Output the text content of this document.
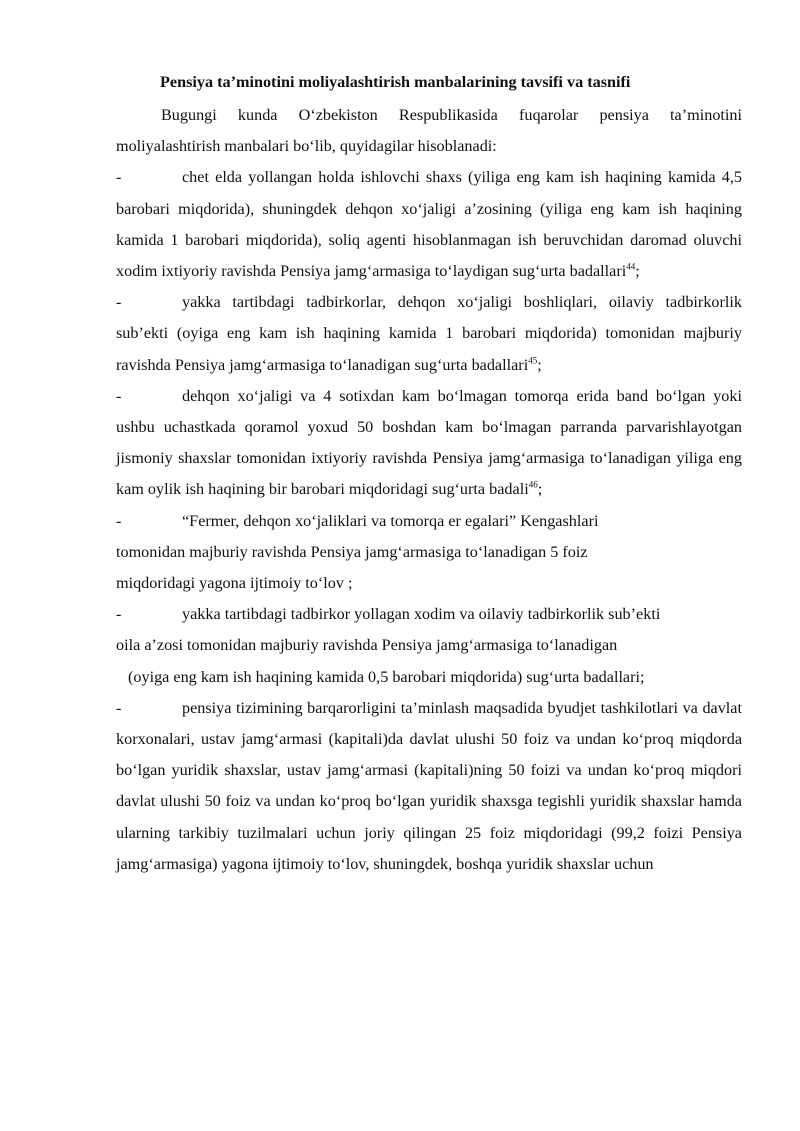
Pensiya ta’minotini moliyalashtirish manbalarining tavsifi va tasnifi

Bugungi kunda O‘zbekiston Respublikasida fuqarolar pensiya ta’minotini moliyalashtirish manbalari bo‘lib, quyidagilar hisoblanadi:

-	chet elda yollangan holda ishlovchi shaxs (yiliga eng kam ish haqining kamida 4,5 barobari miqdorida), shuningdek dehqon xo‘jaligi a’zosining (yiliga eng kam ish haqining kamida 1 barobari miqdorida), soliq agenti hisoblanmagan ish beruvchidan daromad oluvchi xodim ixtiyoriy ravishda Pensiya jamg‘armasiga to‘laydigan sug‘urta badallari$^{44}$;

-	yakka tartibdagi tadbirkorlar, dehqon xo‘jaligi boshliqlari, oilaviy tadbirkorlik sub’ekti (oyiga eng kam ish haqining kamida 1 barobari miqdorida) tomonidan majburiy ravishda Pensiya jamg‘armasiga to‘lanadigan sug‘urta badallari$^{45}$;

-	dehqon xo‘jaligi va 4 sotixdan kam bo‘lmagan tomorqa erida band bo‘lgan yoki ushbu uchastkada qoramol yoxud 50 boshdan kam bo‘lmagan parranda parvarishlayotgan jismoniy shaxslar tomonidan ixtiyoriy ravishda Pensiya jamg‘armasiga to‘lanadigan yiliga eng kam oylik ish haqining bir barobari miqdoridagi sug‘urta badali$^{46}$;

-	“Fermer, dehqon xo‘jaliklari va tomorqa er egalari” Kengashlari

tomonidan majburiy ravishda Pensiya jamg‘armasiga to‘lanadigan 5 foiz

miqdoridagi yagona ijtimoiy to‘lov ;

-	yakka tartibdagi tadbirkor yollagan xodim va oilaviy tadbirkorlik sub’ekti

oila a’zosi tomonidan majburiy ravishda Pensiya jamg‘armasiga to‘lanadigan

(oyiga eng kam ish haqining kamida 0,5 barobari miqdorida) sug‘urta badallari;

-	pensiya tizimining barqarorligini ta’minlash maqsadida byudjet tashkilotlari va davlat korxonalari, ustav jamg‘armasi (kapitali)da davlat ulushi 50 foiz va undan ko‘proq miqdorda bo‘lgan yuridik shaxslar, ustav jamg‘armasi (kapitali)ning 50 foizi va undan ko‘proq miqdori davlat ulushi 50 foiz va undan ko‘proq bo‘lgan yuridik shaxsga tegishli yuridik shaxslar hamda ularning tarkibiy tuzilmalari uchun joriy qilingan 25 foiz miqdoridagi (99,2 foizi Pensiya jamg‘armasiga) yagona ijtimoiy to‘lov, shuningdek, boshqa yuridik shaxslar uchun
